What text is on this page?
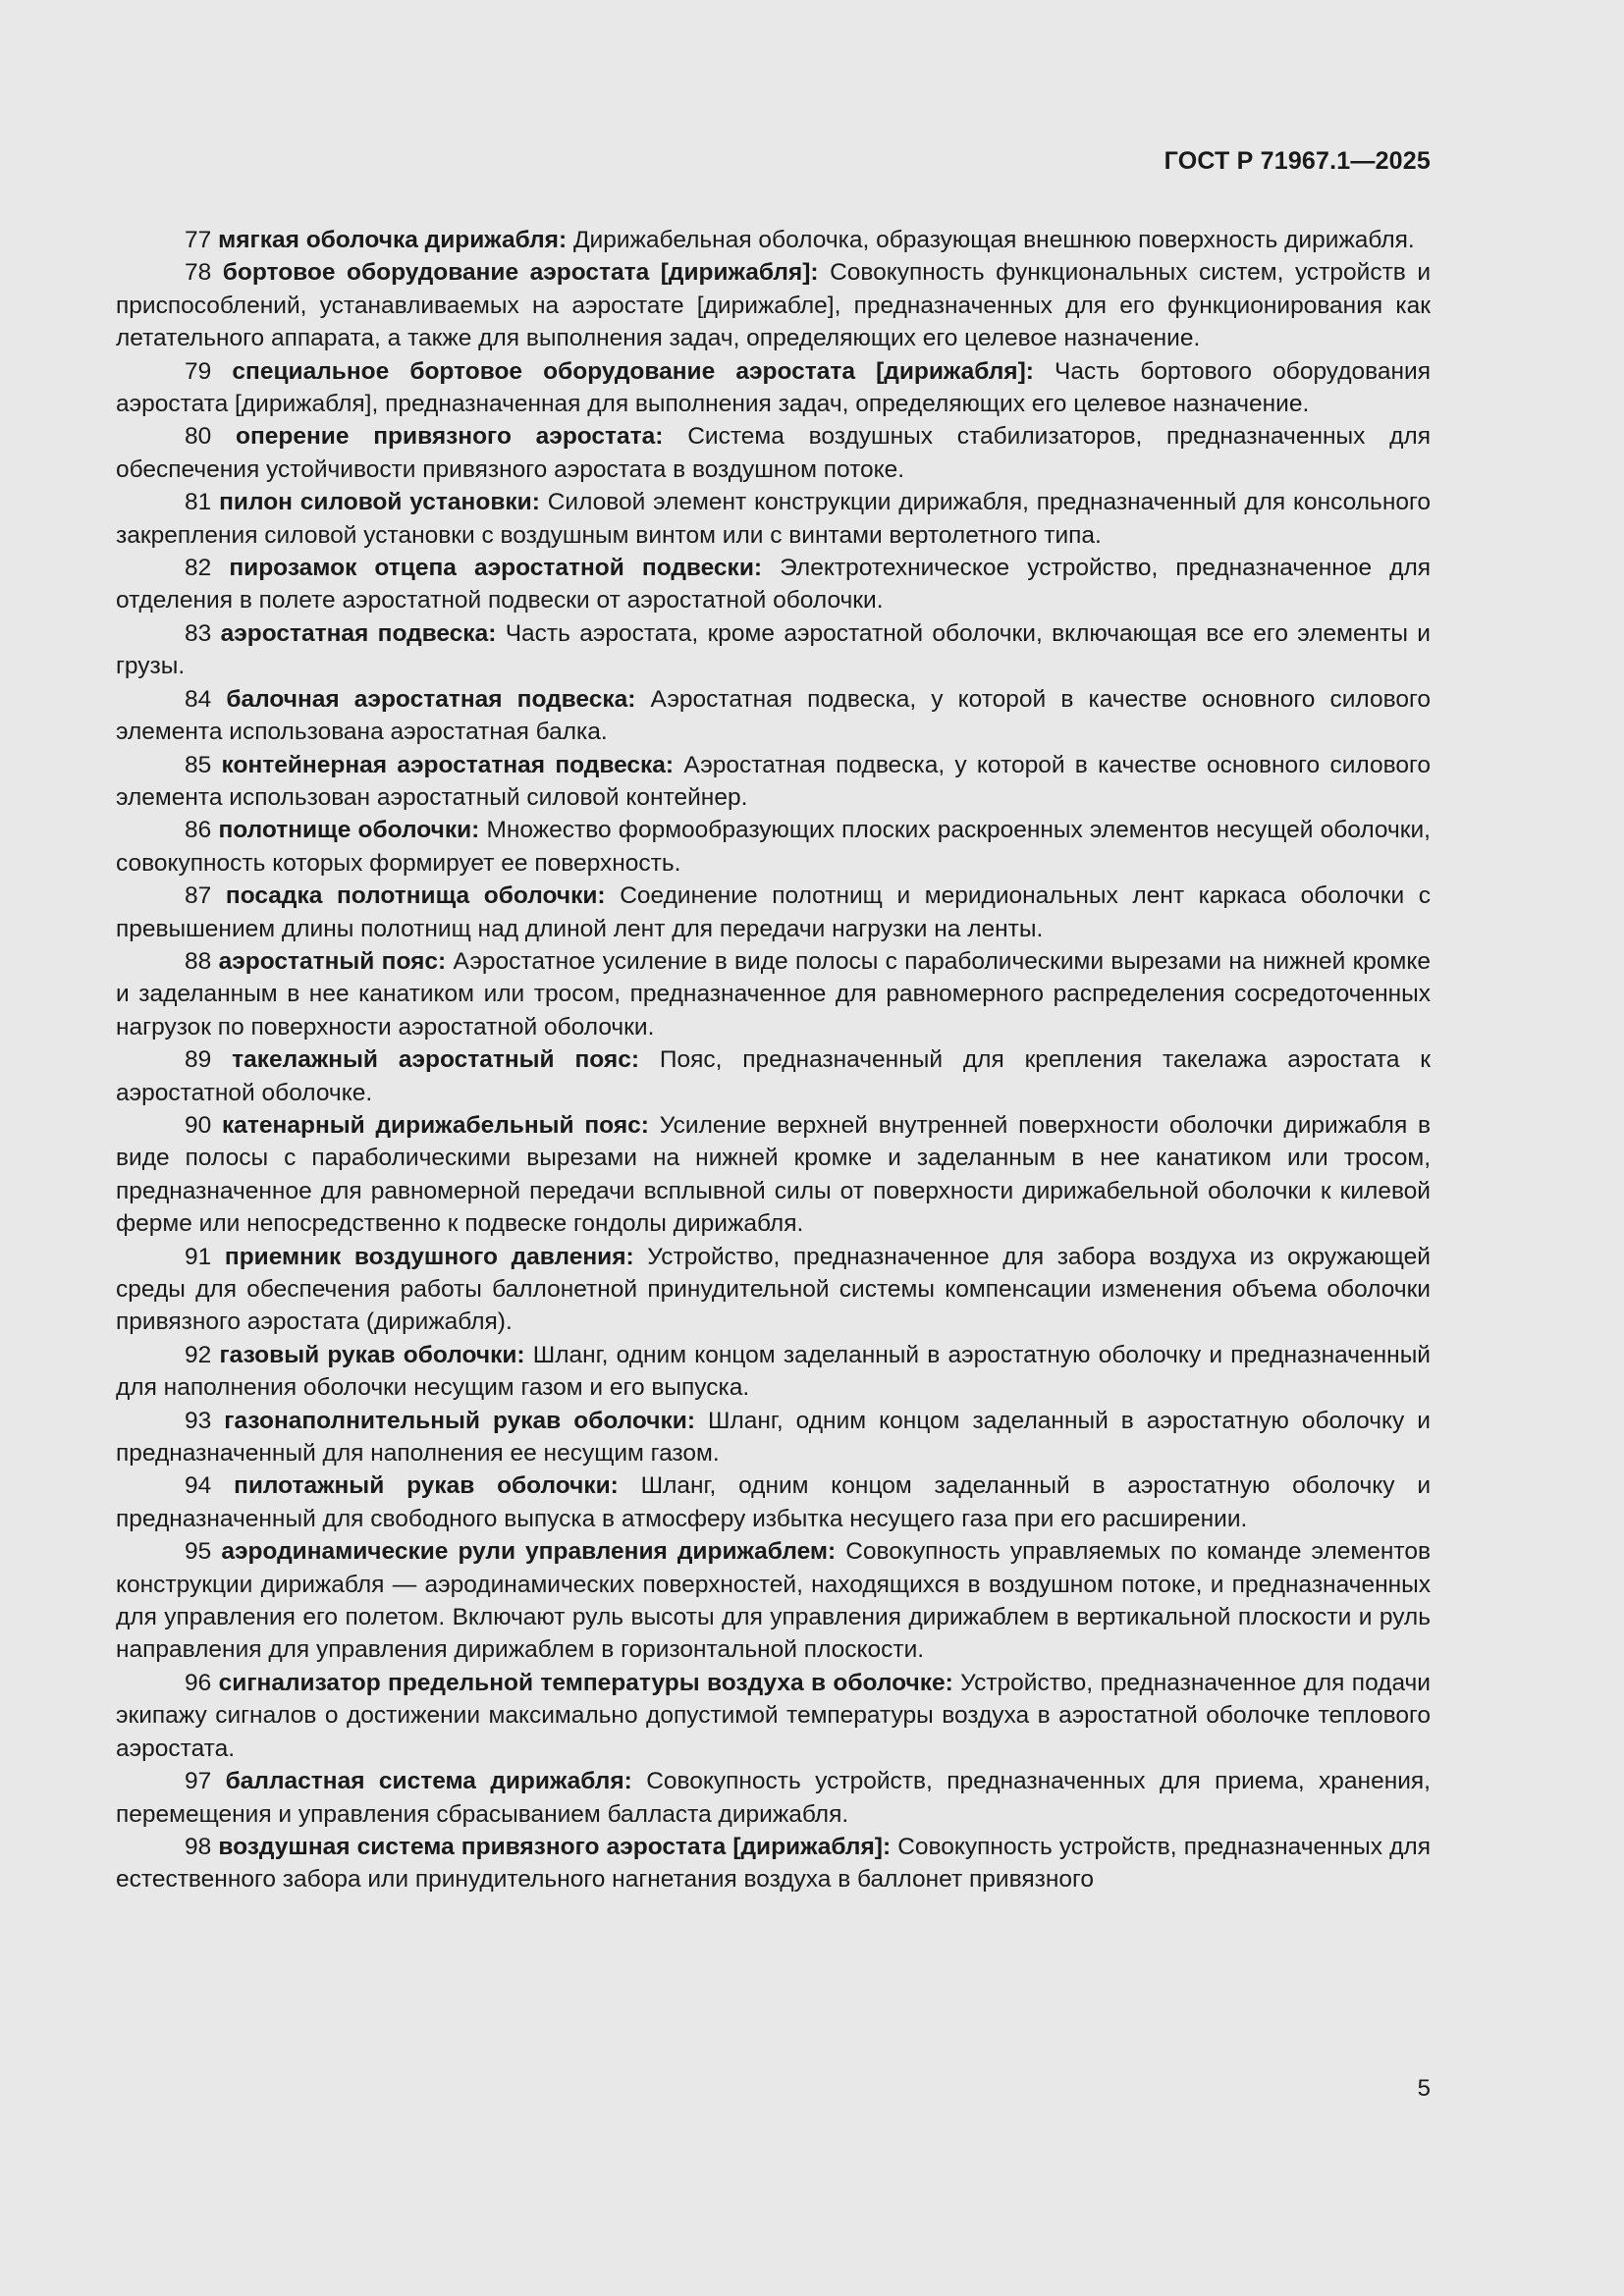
ГОСТ Р 71967.1—2025

77 мягкая оболочка дирижабля: Дирижабельная оболочка, образующая внешнюю поверхность дирижабля.

78 бортовое оборудование аэростата [дирижабля]: Совокупность функциональных систем, устройств и приспособлений, устанавливаемых на аэростате [дирижабле], предназначенных для его функционирования как летательного аппарата, а также для выполнения задач, определяющих его целевое назначение.

79 специальное бортовое оборудование аэростата [дирижабля]: Часть бортового оборудования аэростата [дирижабля], предназначенная для выполнения задач, определяющих его целевое назначение.

80 оперение привязного аэростата: Система воздушных стабилизаторов, предназначенных для обеспечения устойчивости привязного аэростата в воздушном потоке.

81 пилон силовой установки: Силовой элемент конструкции дирижабля, предназначенный для консольного закрепления силовой установки с воздушным винтом или с винтами вертолетного типа.

82 пирозамок отцепа аэростатной подвески: Электротехническое устройство, предназначенное для отделения в полете аэростатной подвески от аэростатной оболочки.

83 аэростатная подвеска: Часть аэростата, кроме аэростатной оболочки, включающая все его элементы и грузы.

84 балочная аэростатная подвеска: Аэростатная подвеска, у которой в качестве основного силового элемента использована аэростатная балка.

85 контейнерная аэростатная подвеска: Аэростатная подвеска, у которой в качестве основного силового элемента использован аэростатный силовой контейнер.

86 полотнище оболочки: Множество формообразующих плоских раскроенных элементов несущей оболочки, совокупность которых формирует ее поверхность.

87 посадка полотнища оболочки: Соединение полотнищ и меридиональных лент каркаса оболочки с превышением длины полотнищ над длиной лент для передачи нагрузки на ленты.

88 аэростатный пояс: Аэростатное усиление в виде полосы с параболическими вырезами на нижней кромке и заделанным в нее канатиком или тросом, предназначенное для равномерного распределения сосредоточенных нагрузок по поверхности аэростатной оболочки.

89 такелажный аэростатный пояс: Пояс, предназначенный для крепления такелажа аэростата к аэростатной оболочке.

90 катенарный дирижабельный пояс: Усиление верхней внутренней поверхности оболочки дирижабля в виде полосы с параболическими вырезами на нижней кромке и заделанным в нее канатиком или тросом, предназначенное для равномерной передачи всплывной силы от поверхности дирижабельной оболочки к килевой ферме или непосредственно к подвеске гондолы дирижабля.

91 приемник воздушного давления: Устройство, предназначенное для забора воздуха из окружающей среды для обеспечения работы баллонетной принудительной системы компенсации изменения объема оболочки привязного аэростата (дирижабля).

92 газовый рукав оболочки: Шланг, одним концом заделанный в аэростатную оболочку и предназначенный для наполнения оболочки несущим газом и его выпуска.

93 газонаполнительный рукав оболочки: Шланг, одним концом заделанный в аэростатную оболочку и предназначенный для наполнения ее несущим газом.

94 пилотажный рукав оболочки: Шланг, одним концом заделанный в аэростатную оболочку и предназначенный для свободного выпуска в атмосферу избытка несущего газа при его расширении.

95 аэродинамические рули управления дирижаблем: Совокупность управляемых по команде элементов конструкции дирижабля — аэродинамических поверхностей, находящихся в воздушном потоке, и предназначенных для управления его полетом. Включают руль высоты для управления дирижаблем в вертикальной плоскости и руль направления для управления дирижаблем в горизонтальной плоскости.

96 сигнализатор предельной температуры воздуха в оболочке: Устройство, предназначенное для подачи экипажу сигналов о достижении максимально допустимой температуры воздуха в аэростатной оболочке теплового аэростата.

97 балластная система дирижабля: Совокупность устройств, предназначенных для приема, хранения, перемещения и управления сбрасыванием балласта дирижабля.

98 воздушная система привязного аэростата [дирижабля]: Совокупность устройств, предназначенных для естественного забора или принудительного нагнетания воздуха в баллонет привязного

5
